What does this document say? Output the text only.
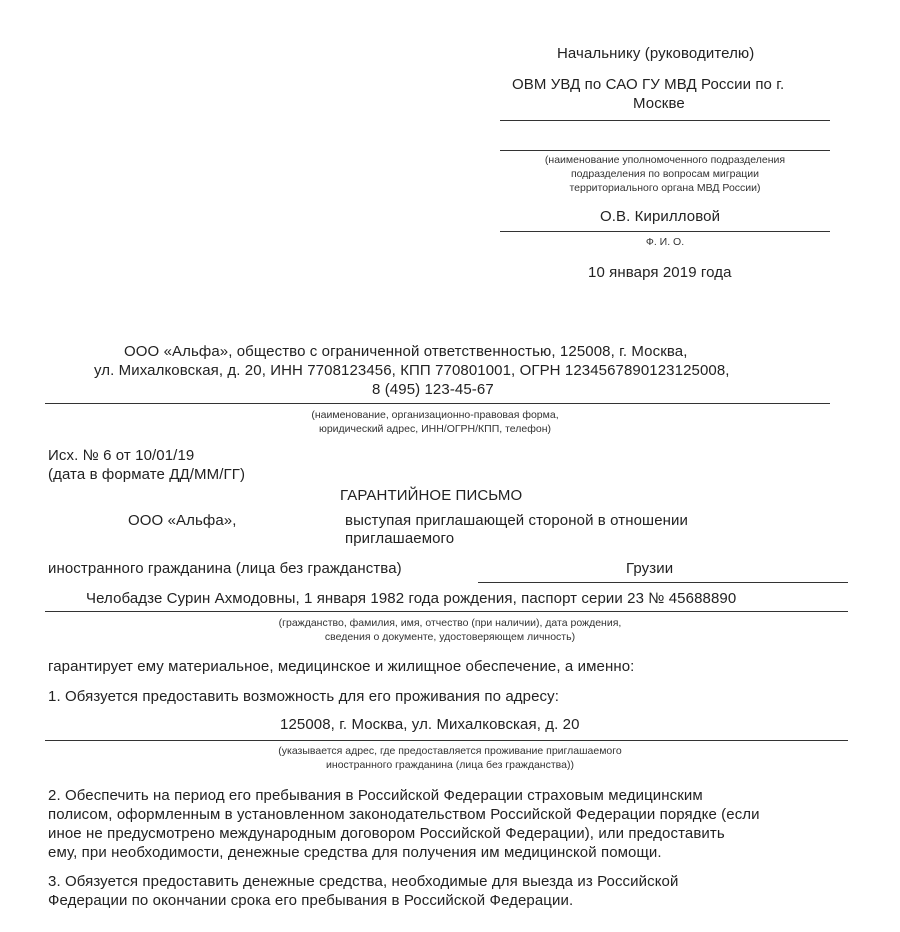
Начальнику (руководителю)
ОВМ УВД по САО ГУ МВД России по г.
Москве
(наименование уполномоченного подразделения
подразделения по вопросам миграции
территориального органа МВД России)
О.В. Кирилловой
Ф. И. О.
10 января 2019 года
ООО «Альфа», общество с ограниченной ответственностью, 125008, г. Москва,
ул. Михалковская, д. 20, ИНН 7708123456, КПП 770801001, ОГРН 1234567890123125008,
8 (495) 123-45-67
(наименование, организационно-правовая форма,
юридический адрес, ИНН/ОГРН/КПП, телефон)
Исх. № 6 от 10/01/19
(дата в формате ДД/ММ/ГГ)
ГАРАНТИЙНОЕ ПИСЬМО
ООО «Альфа»,	выступая приглашающей стороной в отношении
приглашаемого
иностранного гражданина (лица без гражданства)	Грузии
Челобадзе Сурин Ахмодовны, 1 января 1982 года рождения, паспорт серии 23 № 45688890
(гражданство, фамилия, имя, отчество (при наличии), дата рождения,
сведения о документе, удостоверяющем личность)
гарантирует ему материальное, медицинское и жилищное обеспечение, а именно:
1. Обязуется предоставить возможность для его проживания по адресу:
125008, г. Москва, ул. Михалковская, д. 20
(указывается адрес, где предоставляется проживание приглашаемого
иностранного гражданина (лица без гражданства))
2. Обеспечить на период его пребывания в Российской Федерации страховым медицинским
полисом, оформленным в установленном законодательством Российской Федерации порядке (если
иное не предусмотрено международным договором Российской Федерации), или предоставить
ему, при необходимости, денежные средства для получения им медицинской помощи.
3. Обязуется предоставить денежные средства, необходимые для выезда из Российской
Федерации по окончании срока его пребывания в Российской Федерации.
